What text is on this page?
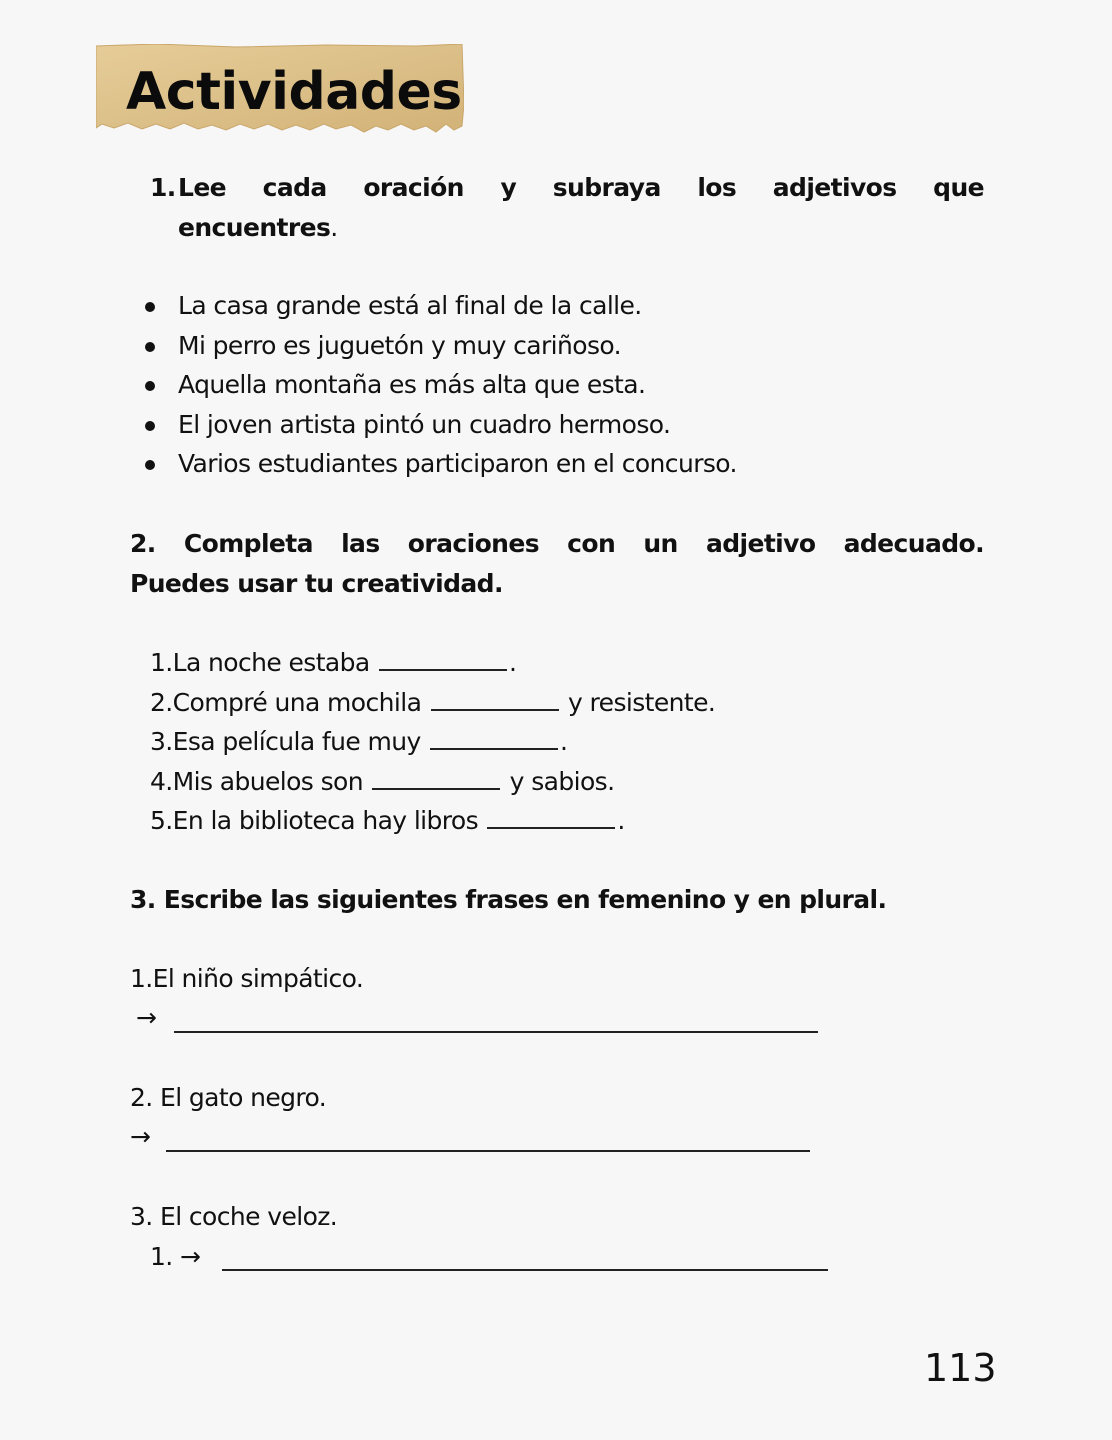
Actividades
1. Lee cada oración y subraya los adjetivos que
encuentres.
La casa grande está al final de la calle.
Mi perro es juguetón y muy cariñoso.
Aquella montaña es más alta que esta.
El joven artista pintó un cuadro hermoso.
Varios estudiantes participaron en el concurso.
2. Completa las oraciones con un adjetivo adecuado.
Puedes usar tu creatividad.
1.La noche estaba	.
2.Compré una mochila	y resistente.
3.Esa película fue muy	.
4.Mis abuelos son	y sabios.
5.En la biblioteca hay libros	.
3. Escribe las siguientes frases en femenino y en plural.
1.El niño simpático.
→
2. El gato negro.
→
3. El coche veloz.
1. →
113
